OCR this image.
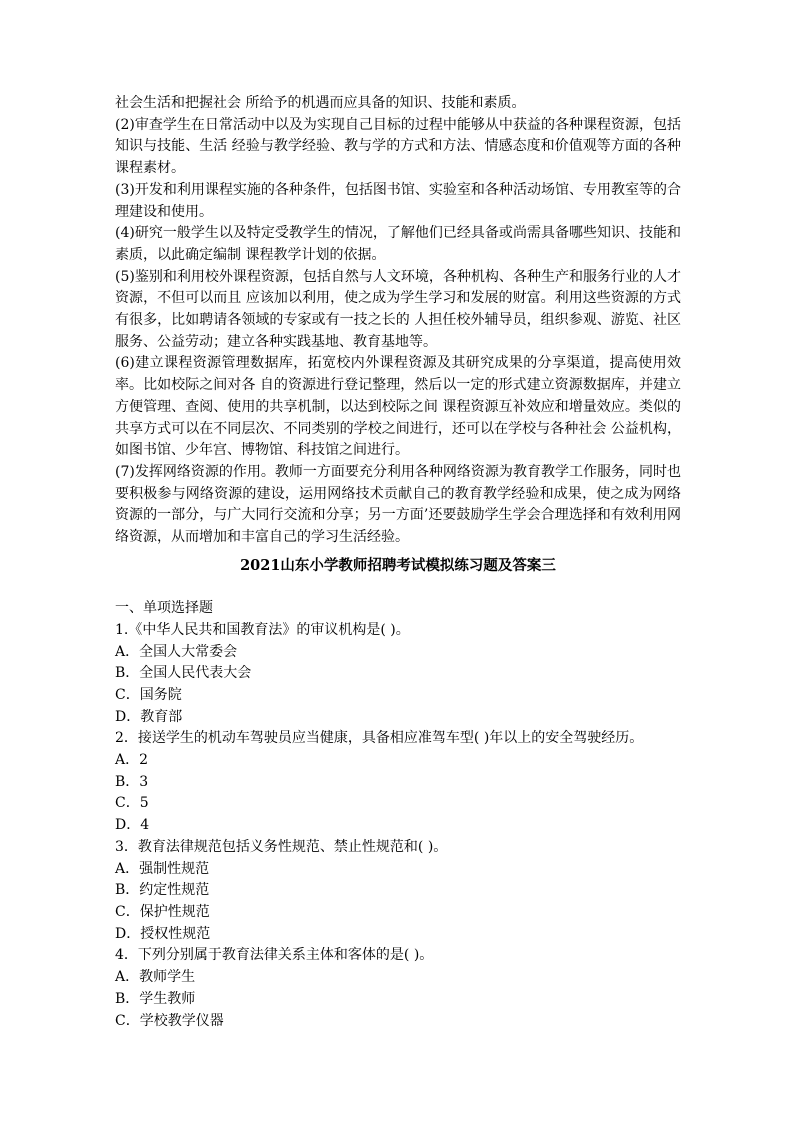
社会生活和把握社会 所给予的机遇而应具备的知识、技能和素质。

(2)审查学生在日常活动中以及为实现自己目标的过程中能够从中获益的各种课程资源，包括知识与技能、生活 经验与教学经验、教与学的方式和方法、情感态度和价值观等方面的各种课程素材。

(3)开发和利用课程实施的各种条件，包括图书馆、实验室和各种活动场馆、专用教室等的合理建设和使用。

(4)研究一般学生以及特定受教学生的情况，了解他们已经具备或尚需具备哪些知识、技能和素质，以此确定编制 课程教学计划的依据。

(5)鉴别和利用校外课程资源，包括自然与人文环境，各种机构、各种生产和服务行业的人才资源，不但可以而且 应该加以利用，使之成为学生学习和发展的财富。利用这些资源的方式有很多，比如聘请各领域的专家或有一技之长的 人担任校外辅导员，组织参观、游览、社区服务、公益劳动；建立各种实践基地、教育基地等。

(6)建立课程资源管理数据库，拓宽校内外课程资源及其研究成果的分享渠道，提高使用效率。比如校际之间对各 自的资源进行登记整理，然后以一定的形式建立资源数据库，并建立方便管理、查阅、使用的共享机制，以达到校际之间 课程资源互补效应和增量效应。类似的共享方式可以在不同层次、不同类别的学校之间进行，还可以在学校与各种社会 公益机构，如图书馆、少年宫、博物馆、科技馆之间进行。

(7)发挥网络资源的作用。教师一方面要充分利用各种网络资源为教育教学工作服务，同时也要积极参与网络资源的建设，运用网络技术贡献自己的教育教学经验和成果，使之成为网络资源的一部分，与广大同行交流和分享；另一方面’还要鼓励学生学会合理选择和有效利用网络资源，从而增加和丰富自己的学习生活经验。

2021山东小学教师招聘考试模拟练习题及答案三

一、单项选择题

1.《中华人民共和国教育法》的审议机构是( )。

A．全国人大常委会

B．全国人民代表大会

C．国务院

D．教育部

2．接送学生的机动车驾驶员应当健康，具备相应准驾车型( )年以上的安全驾驶经历。

A．2

B．3

C．5

D．4

3．教育法律规范包括义务性规范、禁止性规范和( )。

A．强制性规范

B．约定性规范

C．保护性规范

D．授权性规范

4．下列分别属于教育法律关系主体和客体的是( )。

A．教师学生

B．学生教师

C．学校教学仪器
